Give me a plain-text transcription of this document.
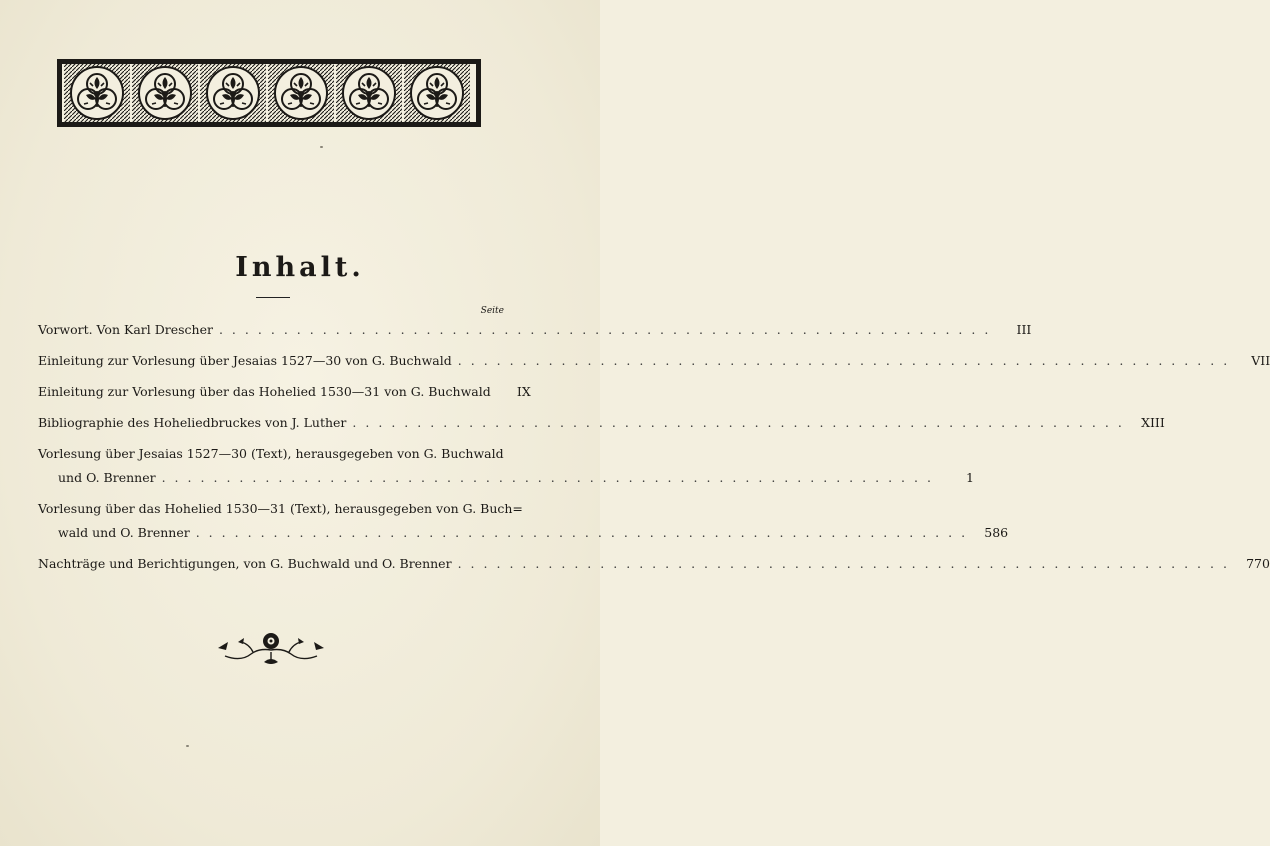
Inhalt.
Seite
Vorwort. Von Karl Drescher ............................................................	III
Einleitung zur Vorlesung über Jesaias 1527—30 von G. Buchwald ............................................................	VII
Einleitung zur Vorlesung über das Hohelied 1530—31 von G. Buchwald	IX
Bibliographie des Hoheliedbruckes von J. Luther ............................................................ XIII
Vorlesung über Jesaias 1527—30 (Text), herausgegeben von G. Buchwald
und O. Brenner ............................................................	1
Vorlesung über das Hohelied 1530—31 (Text), herausgegeben von G. Buch=
wald und O. Brenner ............................................................ 586
Nachträge und Berichtigungen, von G. Buchwald und O. Brenner ............................................................ 770
